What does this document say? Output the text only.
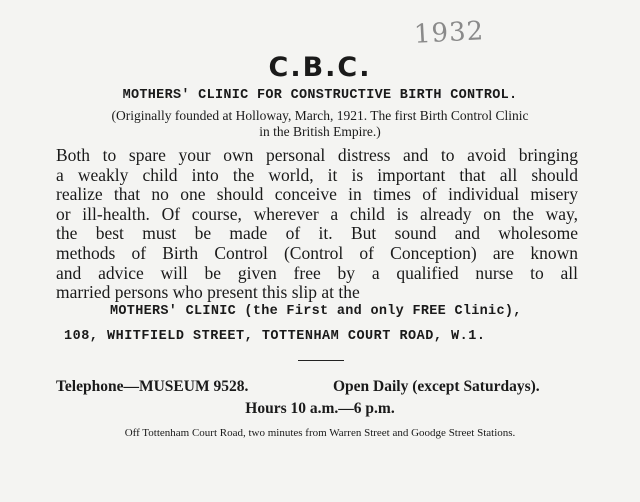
1932
C.B.C.
MOTHERS' CLINIC FOR CONSTRUCTIVE BIRTH CONTROL.
(Originally founded at Holloway, March, 1921. The first Birth Control Clinic
in the British Empire.)
Both to spare your own personal distress and to avoid bringing
a weakly child into the world, it is important that all should
realize that no one should conceive in times of individual misery
or ill-health. Of course, wherever a child is already on the way,
the best must be made of it. But sound and wholesome
methods of Birth Control (Control of Conception) are known
and advice will be given free by a qualified nurse to all
married persons who present this slip at the
MOTHERS' CLINIC (the First and only FREE Clinic),
108, WHITFIELD STREET, TOTTENHAM COURT ROAD, W.1.
Telephone—MUSEUM 9528.	Open Daily (except Saturdays).
Hours 10 a.m.—6 p.m.
Off Tottenham Court Road, two minutes from Warren Street and Goodge Street Stations.
